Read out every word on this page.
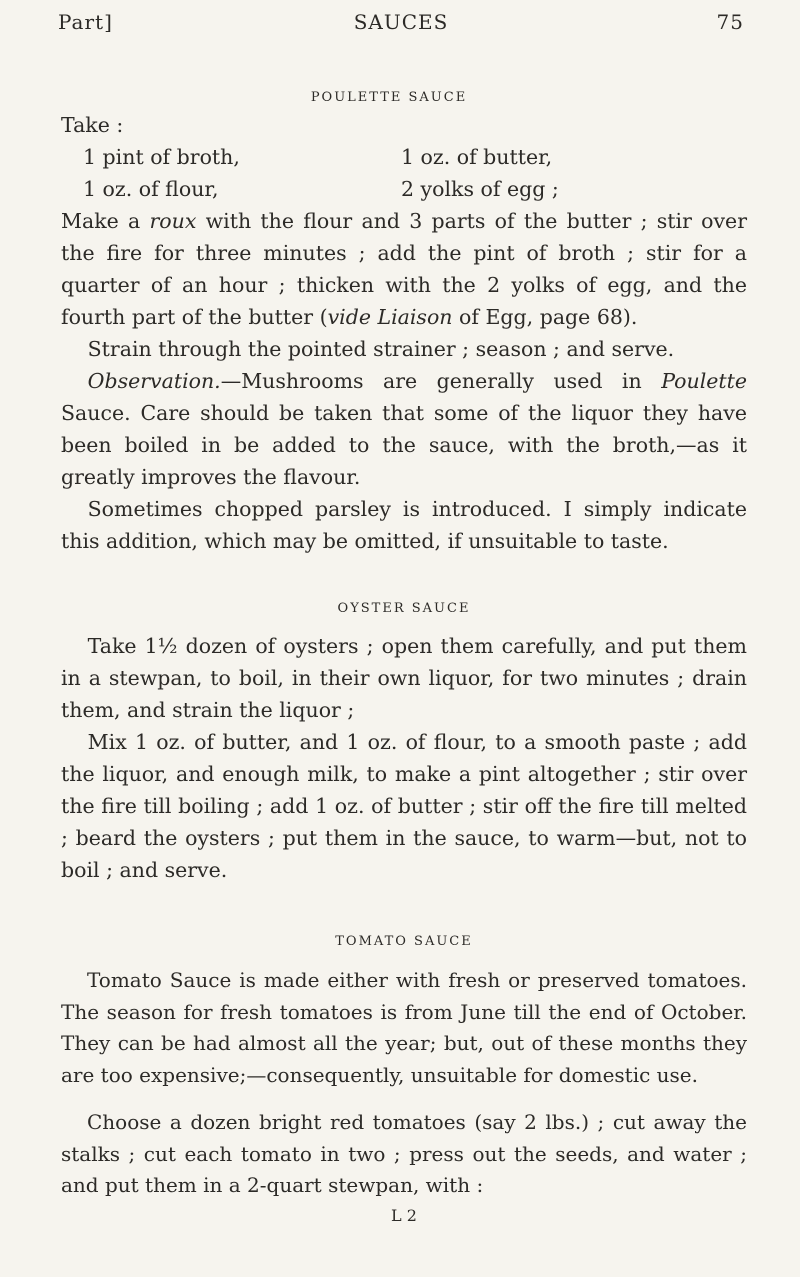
Part]	SAUCES	75
POULETTE SAUCE

Take :

1 pint of broth,	1 oz. of butter,
1 oz. of flour,	2 yolks of egg ;

Make a roux with the flour and 3 parts of the butter ; stir over the fire for three minutes ; add the pint of broth ; stir for a quarter of an hour ; thicken with the 2 yolks of egg, and the fourth part of the butter (vide Liaison of Egg, page 68).

Strain through the pointed strainer ; season ; and serve.

Observation.—Mushrooms are generally used in Poulette Sauce. Care should be taken that some of the liquor they have been boiled in be added to the sauce, with the broth,—as it greatly improves the flavour.

Sometimes chopped parsley is introduced. I simply indicate this addition, which may be omitted, if unsuitable to taste.

OYSTER SAUCE

Take 1½ dozen of oysters ; open them carefully, and put them in a stewpan, to boil, in their own liquor, for two minutes ; drain them, and strain the liquor ;

Mix 1 oz. of butter, and 1 oz. of flour, to a smooth paste ; add the liquor, and enough milk, to make a pint altogether ; stir over the fire till boiling ; add 1 oz. of butter ; stir off the fire till melted ; beard the oysters ; put them in the sauce, to warm—but, not to boil ; and serve.

TOMATO SAUCE

Tomato Sauce is made either with fresh or preserved tomatoes. The season for fresh tomatoes is from June till the end of October. They can be had almost all the year; but, out of these months they are too expensive;—consequently, unsuitable for domestic use.

Choose a dozen bright red tomatoes (say 2 lbs.) ; cut away the stalks ; cut each tomato in two ; press out the seeds, and water ; and put them in a 2-quart stewpan, with :

L 2
